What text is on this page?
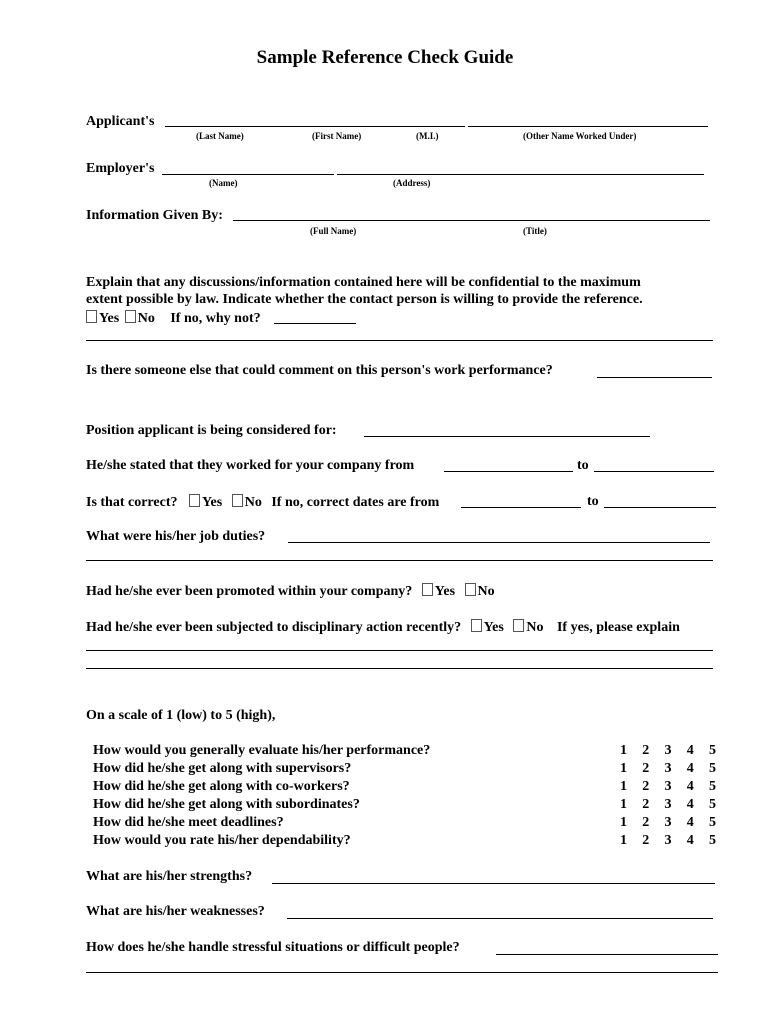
Sample Reference Check Guide
Applicant's
(Last Name)	(First Name)	(M.I.)	(Other Name Worked Under)
Employer's
(Name)	(Address)
Information Given By:
(Full Name)	(Title)
Explain that any discussions/information contained here will be confidential to the maximum
extent possible by law. Indicate whether the contact person is willing to provide the reference.
Yes No If no, why not?
Is there someone else that could comment on this person's work performance?
Position applicant is being considered for:
He/she stated that they worked for your company from	to
Is that correct? Yes No If no, correct dates are from	to
What were his/her job duties?
Had he/she ever been promoted within your company? Yes No
Had he/she ever been subjected to disciplinary action recently? Yes No If yes, please explain
On a scale of 1 (low) to 5 (high),
How would you generally evaluate his/her performance?	1 2 3 4 5
How did he/she get along with supervisors?	1 2 3 4 5
How did he/she get along with co-workers?	1 2 3 4 5
How did he/she get along with subordinates?	1 2 3 4 5
How did he/she meet deadlines?	1 2 3 4 5
How would you rate his/her dependability?	1 2 3 4 5
What are his/her strengths?
What are his/her weaknesses?
How does he/she handle stressful situations or difficult people?
